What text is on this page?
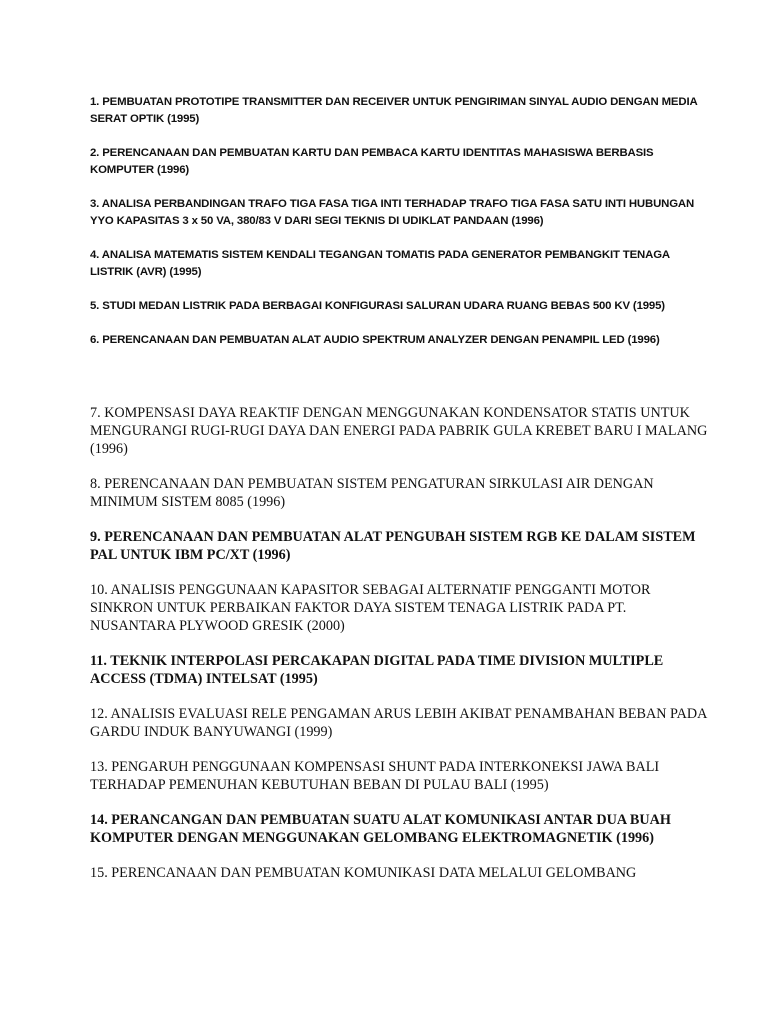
1. PEMBUATAN PROTOTIPE TRANSMITTER DAN RECEIVER UNTUK PENGIRIMAN SINYAL AUDIO DENGAN MEDIA SERAT OPTIK (1995)

2. PERENCANAAN DAN PEMBUATAN KARTU DAN PEMBACA KARTU IDENTITAS MAHASISWA BERBASIS KOMPUTER (1996)

3. ANALISA PERBANDINGAN TRAFO TIGA FASA TIGA INTI TERHADAP TRAFO TIGA FASA SATU INTI HUBUNGAN YYO KAPASITAS 3 x 50 VA, 380/83 V DARI SEGI TEKNIS DI UDIKLAT PANDAAN (1996)

4. ANALISA MATEMATIS SISTEM KENDALI TEGANGAN TOMATIS PADA GENERATOR PEMBANGKIT TENAGA LISTRIK (AVR) (1995)

5. STUDI MEDAN LISTRIK PADA BERBAGAI KONFIGURASI SALURAN UDARA RUANG BEBAS 500 KV (1995)

6. PERENCANAAN DAN PEMBUATAN ALAT AUDIO SPEKTRUM ANALYZER DENGAN PENAMPIL LED (1996)

7. KOMPENSASI DAYA REAKTIF DENGAN MENGGUNAKAN KONDENSATOR STATIS UNTUK MENGURANGI RUGI-RUGI DAYA DAN ENERGI PADA PABRIK GULA KREBET BARU I MALANG (1996)

8. PERENCANAAN DAN PEMBUATAN SISTEM PENGATURAN SIRKULASI AIR DENGAN MINIMUM SISTEM 8085 (1996)

9. PERENCANAAN DAN PEMBUATAN ALAT PENGUBAH SISTEM RGB KE DALAM SISTEM PAL UNTUK IBM PC/XT (1996)

10. ANALISIS PENGGUNAAN KAPASITOR SEBAGAI ALTERNATIF PENGGANTI MOTOR SINKRON UNTUK PERBAIKAN FAKTOR DAYA SISTEM TENAGA LISTRIK PADA PT. NUSANTARA PLYWOOD GRESIK (2000)

11. TEKNIK INTERPOLASI PERCAKAPAN DIGITAL PADA TIME DIVISION MULTIPLE ACCESS (TDMA) INTELSAT (1995)

12. ANALISIS EVALUASI RELE PENGAMAN ARUS LEBIH AKIBAT PENAMBAHAN BEBAN PADA GARDU INDUK BANYUWANGI (1999)

13. PENGARUH PENGGUNAAN KOMPENSASI SHUNT PADA INTERKONEKSI JAWA BALI TERHADAP PEMENUHAN KEBUTUHAN BEBAN DI PULAU BALI (1995)

14. PERANCANGAN DAN PEMBUATAN SUATU ALAT KOMUNIKASI ANTAR DUA BUAH KOMPUTER DENGAN MENGGUNAKAN GELOMBANG ELEKTROMAGNETIK (1996)

15. PERENCANAAN DAN PEMBUATAN KOMUNIKASI DATA MELALUI GELOMBANG
